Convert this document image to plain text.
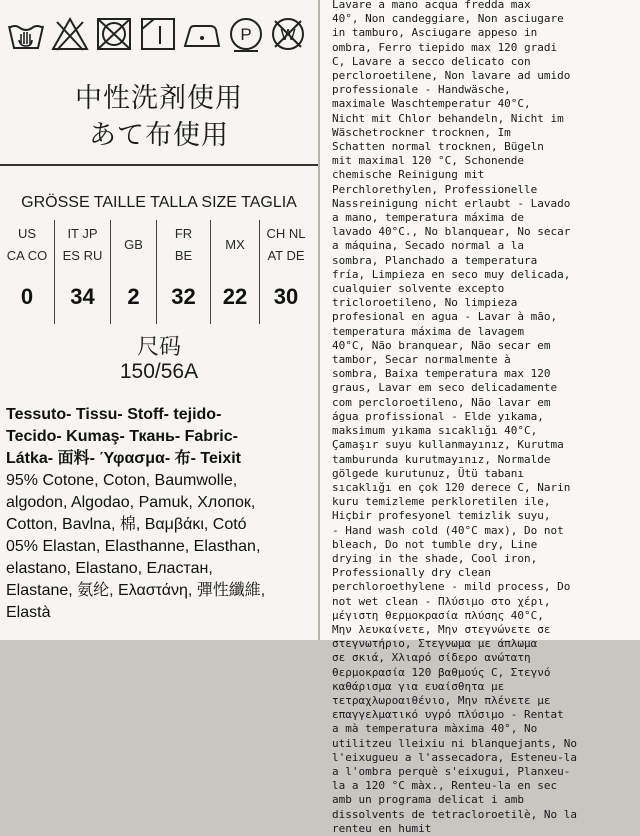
P W
中性洗剤使用
あて布使用
GRÖSSE TAILLE TALLA SIZE TAGLIA
US
CA CO
0
IT JP
ES RU
34
GB
2
FR
BE
32
MX
22
CH NL
AT DE
30
尺码
150/56A
Tessuto- Tissu- Stoff- tejido-
Tecido- Kumaş- Ткань- Fabric-
Látka- 面料- Ύφασμα- 布- Teixit
95% Cotone, Coton, Baumwolle,
algodon, Algodao, Pamuk, Хлопок,
Cotton, Bavlna, 棉, Βαμβάκι, Cotó
05% Elastan, Elasthanne, Elasthan,
elastano, Elastano, Еластан,
Elastane, 氨纶, Ελαστάνη, 彈性纖維,
Elastà
Lavare a mano acqua fredda max
40°, Non candeggiare, Non asciugare
in tamburo, Asciugare appeso in
ombra, Ferro tiepido max 120 gradi
C, Lavare a secco delicato con
percloroetilene, Non lavare ad umido
professionale - Handwäsche,
maximale Waschtemperatur 40°C,
Nicht mit Chlor behandeln, Nicht im
Wäschetrockner trocknen, Im
Schatten normal trocknen, Bügeln
mit maximal 120 °C, Schonende
chemische Reinigung mit
Perchlorethylen, Professionelle
Nassreinigung nicht erlaubt - Lavado
a mano, temperatura máxima de
lavado 40°C., No blanquear, No secar
a máquina, Secado normal a la
sombra, Planchado a temperatura
fría, Limpieza en seco muy delicada,
cualquier solvente excepto
tricloroetileno, No limpieza
profesional en agua - Lavar à mão,
temperatura máxima de lavagem
40°C, Não branquear, Não secar em
tambor, Secar normalmente à
sombra, Baixa temperatura max 120
graus, Lavar em seco delicadamente
com percloroetileno, Não lavar em
água profissional - Elde yıkama,
maksimum yıkama sıcaklığı 40°C,
Çamaşır suyu kullanmayınız, Kurutma
tamburunda kurutmayınız, Normalde
gölgede kurutunuz, Ütü tabanı
sıcaklığı en çok 120 derece C, Narin
kuru temizleme perkloretilen ile,
Hiçbir profesyonel temizlik suyu,
- Hand wash cold (40°C max), Do not
bleach, Do not tumble dry, Line
drying in the shade, Cool iron,
Professionally dry clean
perchloroethylene - mild process, Do
not wet clean - Πλύσιμο στο χέρι,
μέγιστη θερμοκρασία πλύσης 40°C,
Μην λευκαίνετε, Μην στεγνώνετε σε
στεγνωτήριο, Στεγνωμα με άπλωμα
σε σκιά, Χλιαρό σίδερο ανώτατη
θερμοκρασία 120 βαθμούς C, Στεγνό
καθάρισμα για ευαίσθητα με
τετραχλωροαιθένιο, Μην πλένετε με
επαγγελματικό υγρό πλύσιμο - Rentat
a mà temperatura màxima 40°, No
utilitzeu lleixiu ni blanquejants, No
l'eixugueu a l'assecadora, Esteneu-la
a l'ombra perquè s'eixugui, Planxeu-
la a 120 °C màx., Renteu-la en sec
amb un programa delicat i amb
dissolvents de tetracloroetilè, No la
renteu en humit
